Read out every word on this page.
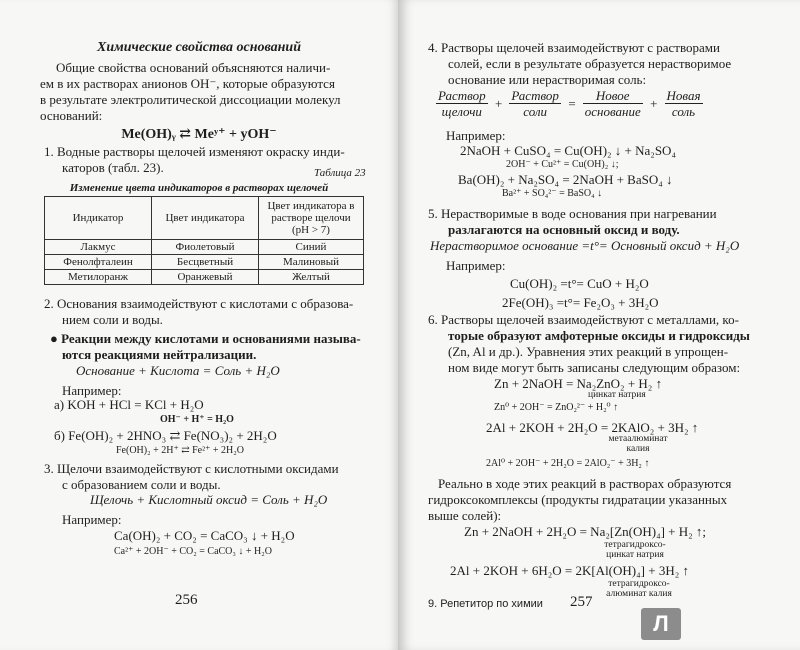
Химические свойства оснований
Общие свойства оснований объясняются наличи-
ем в их растворах анионов OH⁻, которые образуются
в результате электролитической диссоциации молекул
оснований:
Me(OH)ᵧ ⇄ Meʸ⁺ + yOH⁻
1. Водные растворы щелочей изменяют окраску инди-
каторов (табл. 23).	Таблица 23
Изменение цвета индикаторов в растворах щелочей
Индикатор	Цвет индикатора	Цвет индикатора в растворе щелочи (pH > 7)
Лакмус	Фиолетовый	Синий
Фенолфталеин	Бесцветный	Малиновый
Метилоранж	Оранжевый	Желтый
2. Основания взаимодействуют с кислотами с образова-
нием соли и воды.
● Реакции между кислотами и основаниями называ-
ются реакциями нейтрализации.
Основание + Кислота = Соль + H₂O
Например:
а) KOH + HCl = KCl + H₂O
OH⁻ + H⁺ = H₂O
б) Fe(OH)₂ + 2HNO₃ ⇄ Fe(NO₃)₂ + 2H₂O
Fe(OH)₂ + 2H⁺ ⇄ Fe²⁺ + 2H₂O
3. Щелочи взаимодействуют с кислотными оксидами
с образованием соли и воды.
Щелочь + Кислотный оксид = Соль + H₂O
Например:
Ca(OH)₂ + CO₂ = CaCO₃ ↓ + H₂O
Ca²⁺ + 2OH⁻ + CO₂ = CaCO₃ ↓ + H₂O
256
4. Растворы щелочей взаимодействуют с растворами
солей, если в результате образуется нерастворимое
основание или нерастворимая соль:
$\frac{\text{Раствор}}{\text{щелочи}} + \frac{\text{Раствор}}{\text{соли}} = \frac{\text{Новое}}{\text{основание}} + \frac{\text{Новая}}{\text{соль}}$
Например:
2NaOH + CuSO₄ = Cu(OH)₂ ↓ + Na₂SO₄
2OH⁻ + Cu²⁺ = Cu(OH)₂ ↓;
Ba(OH)₂ + Na₂SO₄ = 2NaOH + BaSO₄ ↓
Ba²⁺ + SO₄²⁻ = BaSO₄ ↓
5. Нерастворимые в воде основания при нагревании
разлагаются на основный оксид и воду.
Нерастворимое основание =t°= Основный оксид + H₂O
Например:
Cu(OH)₂ =t°= CuO + H₂O
2Fe(OH)₃ =t°= Fe₂O₃ + 3H₂O
6. Растворы щелочей взаимодействуют с металлами, ко-
торые образуют амфотерные оксиды и гидроксиды
(Zn, Al и др.). Уравнения этих реакций в упрощен-
ном виде могут быть записаны следующим образом:
Zn + 2NaOH = Na₂ZnO₂ + H₂ ↑
цинкат натрия
Zn⁰ + 2OH⁻ = ZnO₂²⁻ + H₂⁰ ↑
2Al + 2KOH + 2H₂O = 2KAlO₂ + 3H₂ ↑
метаалюминат
калия
2Al⁰ + 2OH⁻ + 2H₂O = 2AlO₂⁻ + 3H₂ ↑
Реально в ходе этих реакций в растворах образуются
гидроксокомплексы (продукты гидратации указанных
выше солей):
Zn + 2NaOH + 2H₂O = Na₂[Zn(OH)₄] + H₂ ↑;
тетрагидроксо-
цинкат натрия
2Al + 2KOH + 6H₂O = 2K[Al(OH)₄] + 3H₂ ↑
тетрагидроксо-
алюминат калия
9. Репетитор по химии 257
Л
